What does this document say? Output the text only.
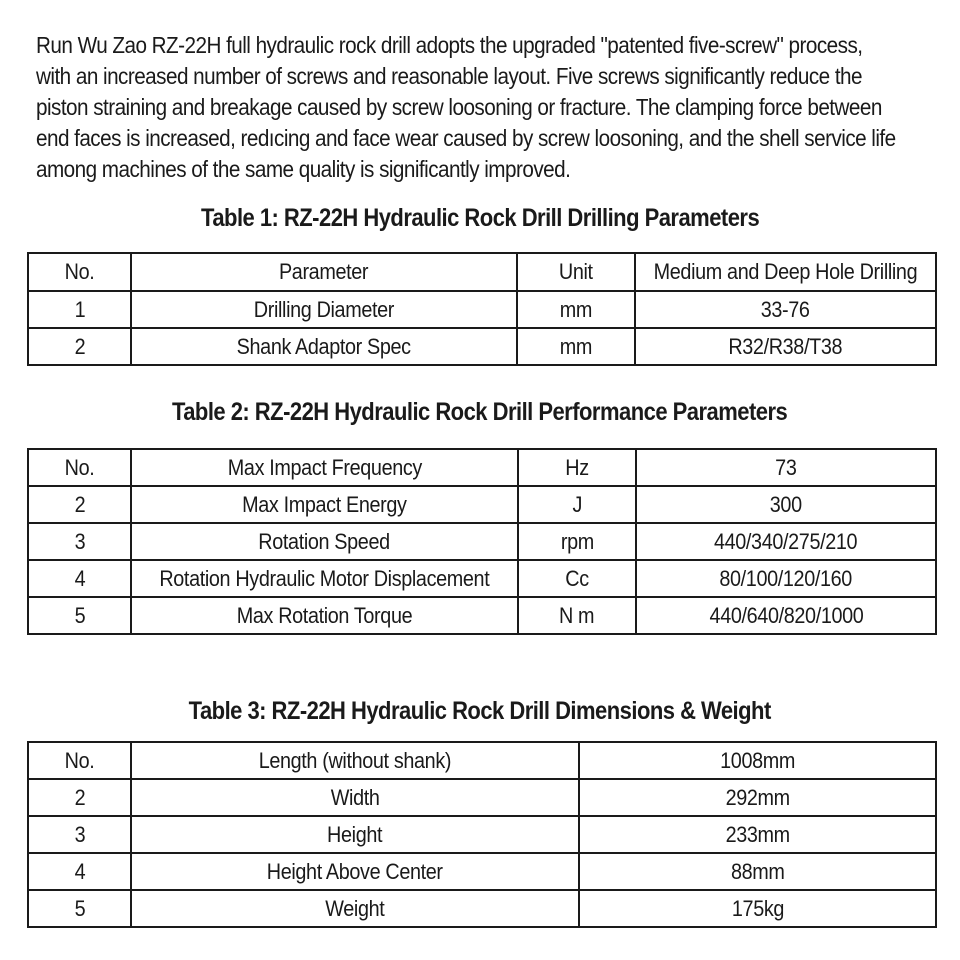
Run Wu Zao RZ-22H full hydraulic rock drill adopts the upgraded "patented five-screw" process,

with an increased number of screws and reasonable layout. Five screws significantly reduce the

piston straining and breakage caused by screw loosoning or fracture. The clamping force between

end faces is increased, redıcing and face wear caused by screw loosoning, and the shell service life

among machines of the same quality is significantly improved.

Table 1: RZ-22H Hydraulic Rock Drill Drilling Parameters
No.	Parameter	Unit	Medium and Deep Hole Drilling
1	Drilling Diameter	mm	33-76
2	Shank Adaptor Spec	mm	R32/R38/T38
Table 2: RZ-22H Hydraulic Rock Drill Performance Parameters
No.	Max Impact Frequency	Hz	73
2	Max Impact Energy	J	300
3	Rotation Speed	rpm	440/340/275/210
4	Rotation Hydraulic Motor Displacement	Cc	80/100/120/160
5	Max Rotation Torque	N m	440/640/820/1000
Table 3: RZ-22H Hydraulic Rock Drill Dimensions & Weight
No.	Length (without shank)	1008mm
2	Width	292mm
3	Height	233mm
4	Height Above Center	88mm
5	Weight	175kg
